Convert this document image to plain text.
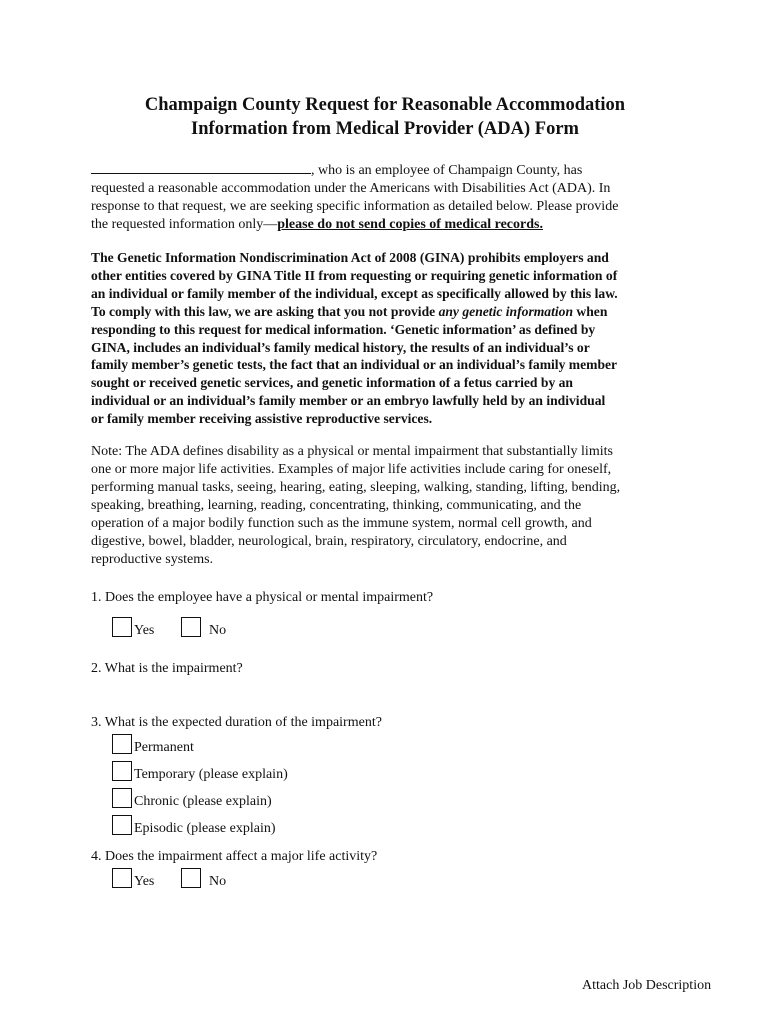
Champaign County Request for Reasonable Accommodation
Information from Medical Provider (ADA) Form
, who is an employee of Champaign County, has
requested a reasonable accommodation under the Americans with Disabilities Act (ADA). In
response to that request, we are seeking specific information as detailed below. Please provide
the requested information only—please do not send copies of medical records.
The Genetic Information Nondiscrimination Act of 2008 (GINA) prohibits employers and
other entities covered by GINA Title II from requesting or requiring genetic information of
an individual or family member of the individual, except as specifically allowed by this law.
To comply with this law, we are asking that you not provide any genetic information when
responding to this request for medical information. ‘Genetic information’ as defined by
GINA, includes an individual’s family medical history, the results of an individual’s or
family member’s genetic tests, the fact that an individual or an individual’s family member
sought or received genetic services, and genetic information of a fetus carried by an
individual or an individual’s family member or an embryo lawfully held by an individual
or family member receiving assistive reproductive services.
Note: The ADA defines disability as a physical or mental impairment that substantially limits
one or more major life activities. Examples of major life activities include caring for oneself,
performing manual tasks, seeing, hearing, eating, sleeping, walking, standing, lifting, bending,
speaking, breathing, learning, reading, concentrating, thinking, communicating, and the
operation of a major bodily function such as the immune system, normal cell growth, and
digestive, bowel, bladder, neurological, brain, respiratory, circulatory, endocrine, and
reproductive systems.
1. Does the employee have a physical or mental impairment?
Yes	No
2. What is the impairment?
3. What is the expected duration of the impairment?
Permanent
Temporary (please explain)
Chronic (please explain)
Episodic (please explain)
4. Does the impairment affect a major life activity?
Yes	No
Attach Job Description
